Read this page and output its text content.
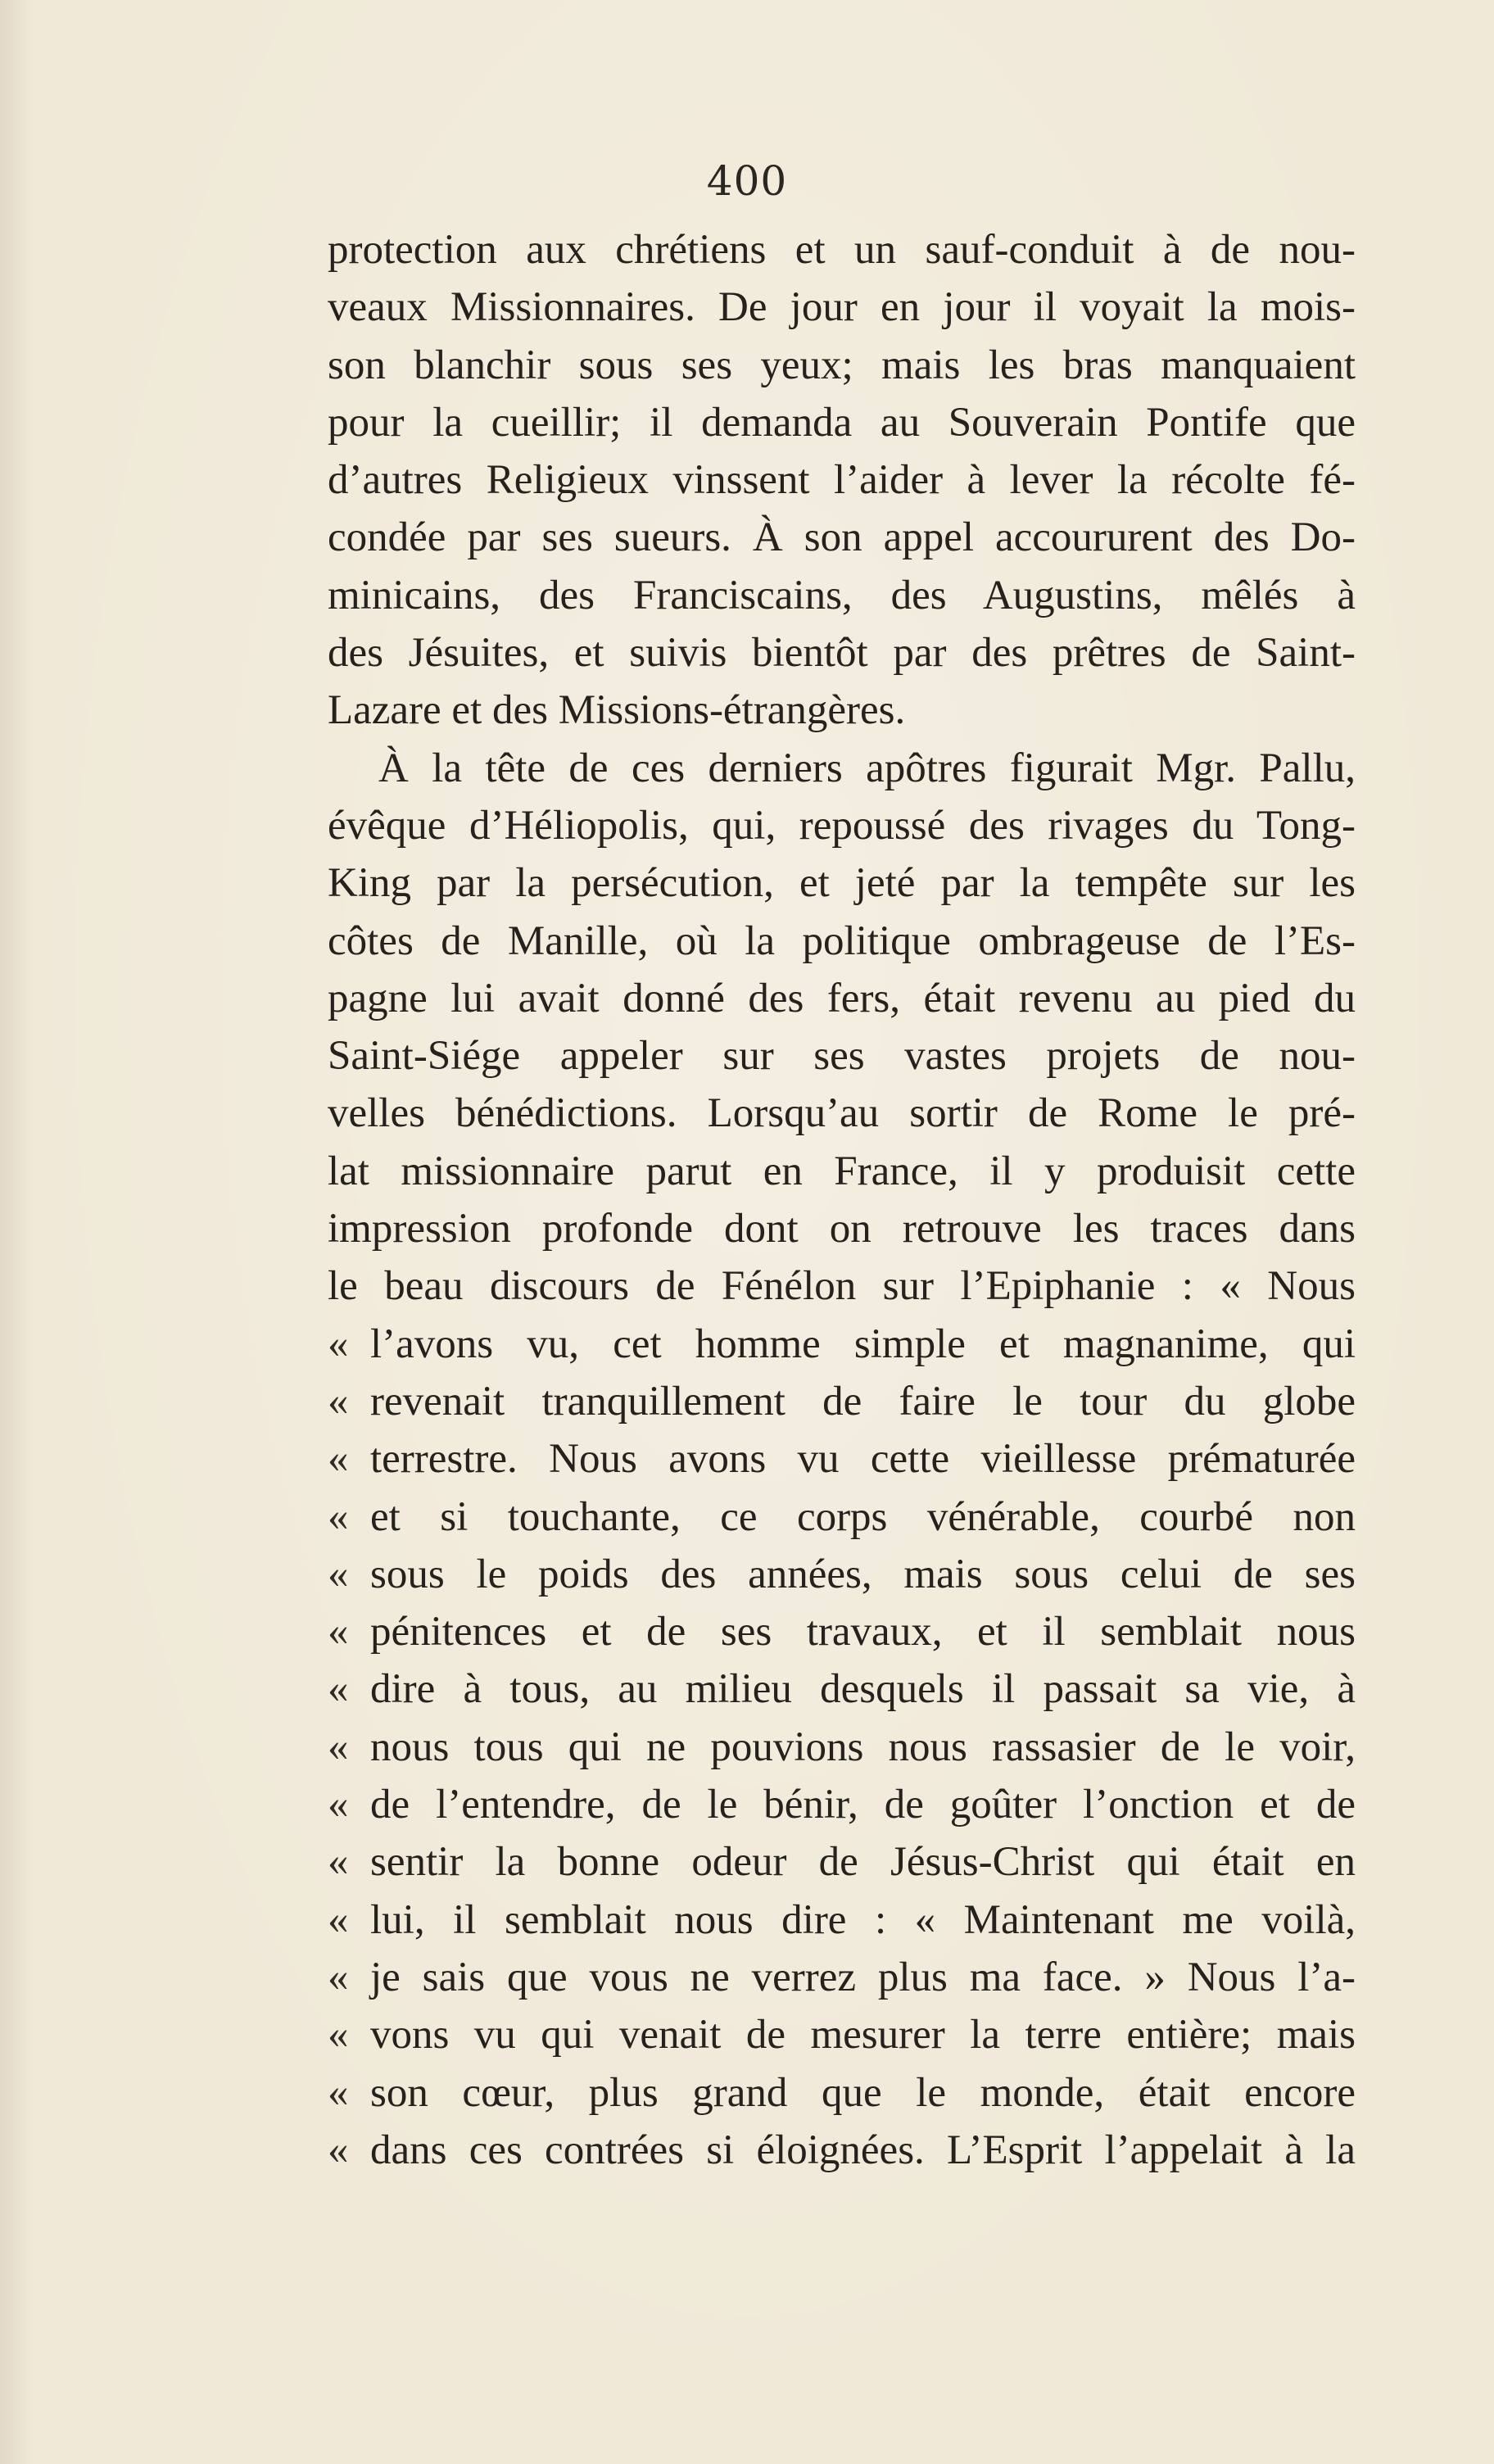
400
protection aux chrétiens et un sauf-conduit à de nou-
veaux Missionnaires. De jour en jour il voyait la mois-
son blanchir sous ses yeux; mais les bras manquaient
pour la cueillir; il demanda au Souverain Pontife que
d’autres Religieux vinssent l’aider à lever la récolte fé-
condée par ses sueurs. À son appel accoururent des Do-
minicains, des Franciscains, des Augustins, mêlés à
des Jésuites, et suivis bientôt par des prêtres de Saint-
Lazare et des Missions-étrangères.
À la tête de ces derniers apôtres figurait Mgr. Pallu,
évêque d’Héliopolis, qui, repoussé des rivages du Tong-
King par la persécution, et jeté par la tempête sur les
côtes de Manille, où la politique ombrageuse de l’Es-
pagne lui avait donné des fers, était revenu au pied du
Saint-Siége appeler sur ses vastes projets de nou-
velles bénédictions. Lorsqu’au sortir de Rome le pré-
lat missionnaire parut en France, il y produisit cette
impression profonde dont on retrouve les traces dans
le beau discours de Fénélon sur l’Epiphanie : « Nous
« l’avons vu, cet homme simple et magnanime, qui
« revenait tranquillement de faire le tour du globe
« terrestre. Nous avons vu cette vieillesse prématurée
« et si touchante, ce corps vénérable, courbé non
« sous le poids des années, mais sous celui de ses
« pénitences et de ses travaux, et il semblait nous
« dire à tous, au milieu desquels il passait sa vie, à
« nous tous qui ne pouvions nous rassasier de le voir,
« de l’entendre, de le bénir, de goûter l’onction et de
« sentir la bonne odeur de Jésus-Christ qui était en
« lui, il semblait nous dire : « Maintenant me voilà,
« je sais que vous ne verrez plus ma face. » Nous l’a-
« vons vu qui venait de mesurer la terre entière; mais
« son cœur, plus grand que le monde, était encore
« dans ces contrées si éloignées. L’Esprit l’appelait à la
